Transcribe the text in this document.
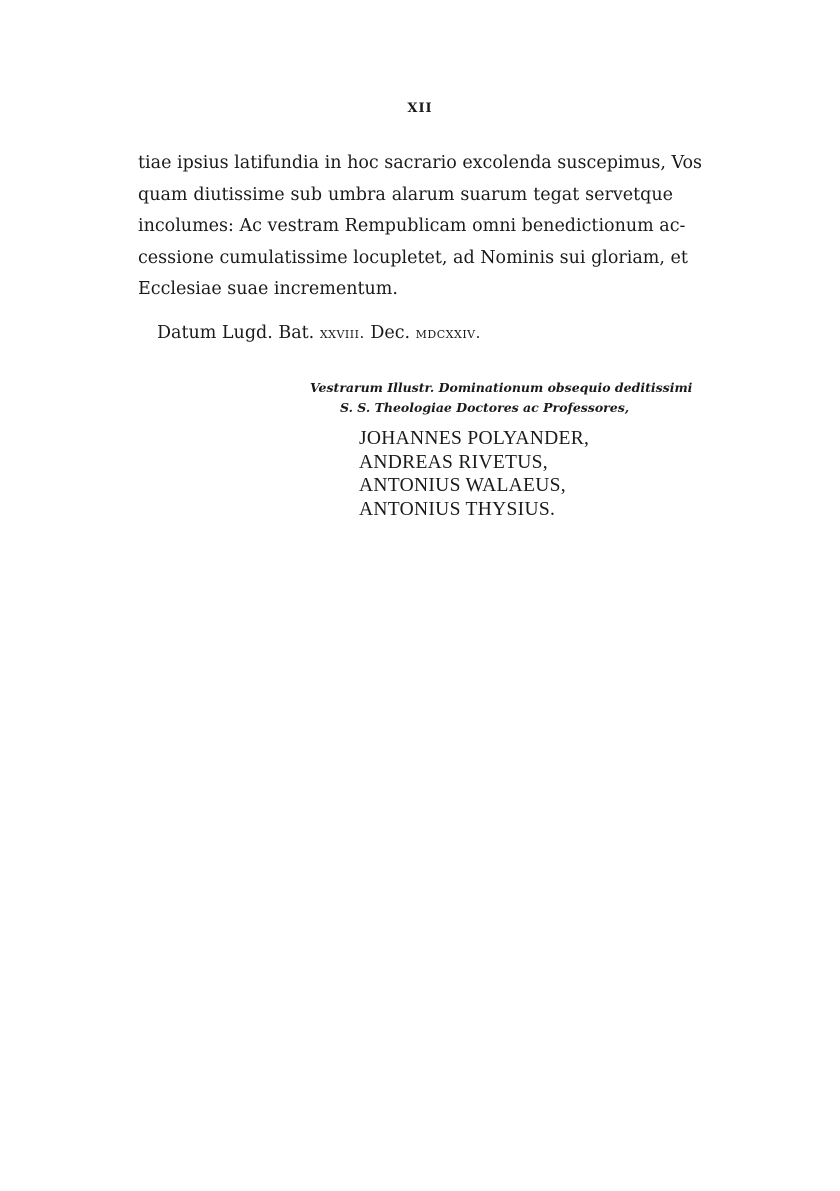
XII

tiae ipsius latifundia in hoc sacrario excolenda suscepimus, Vos
quam diutissime sub umbra alarum suarum tegat servetque
incolumes: Ac vestram Rempublicam omni benedictionum ac-
cessione cumulatissime locupletet, ad Nominis sui gloriam, et
Ecclesiae suae incrementum.

Datum Lugd. Bat. xxviii. Dec. mdcxxiv.
Vestrarum Illustr. Dominationum obsequio deditissimi
S. S. Theologiae Doctores ac Professores,
JOHANNES POLYANDER,
ANDREAS RIVETUS,
ANTONIUS WALAEUS,
ANTONIUS THYSIUS.
